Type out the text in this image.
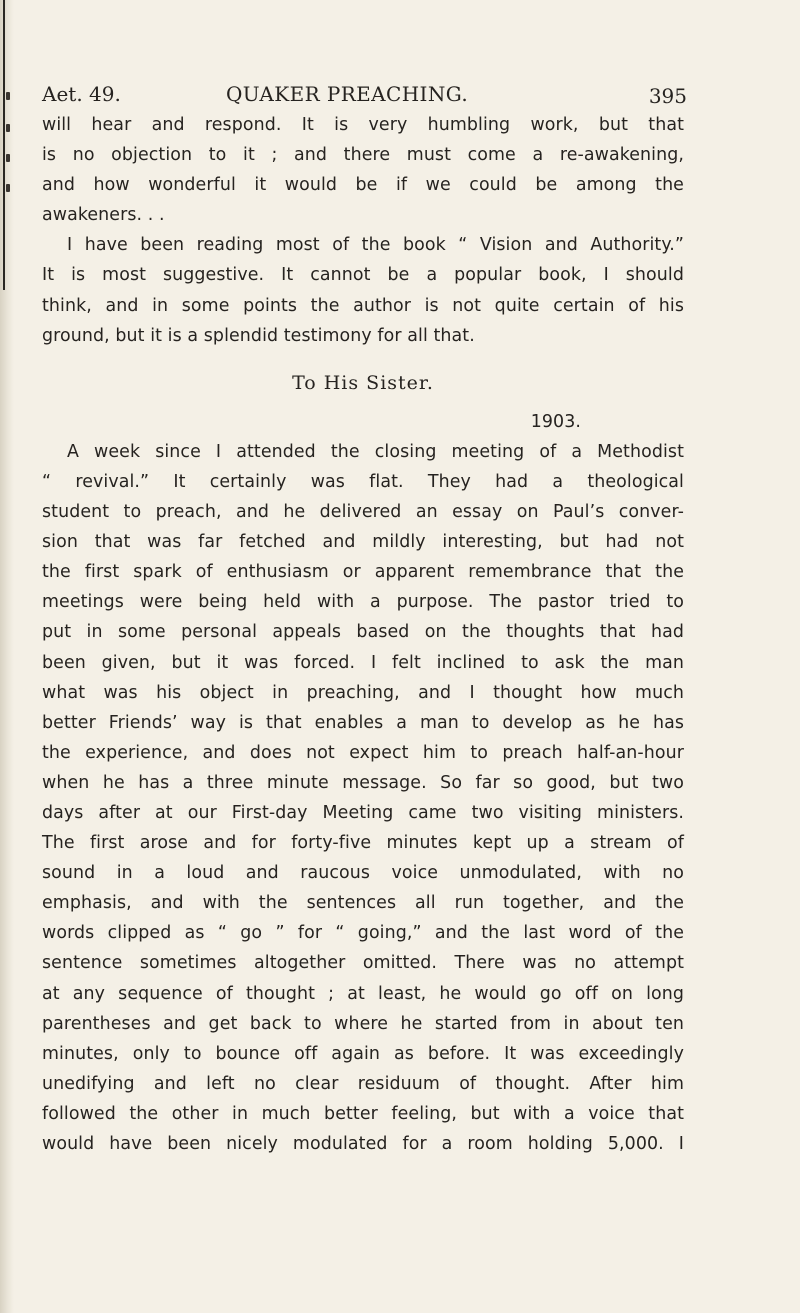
Aet. 49.	QUAKER PREACHING.	395

will hear and respond. It is very humbling work, but that

is no objection to it ; and there must come a re-awakening,

and how wonderful it would be if we could be among the

awakeners. . .

I have been reading most of the book “ Vision and Authority.”

It is most suggestive. It cannot be a popular book, I should

think, and in some points the author is not quite certain of his

ground, but it is a splendid testimony for all that.

To His Sister.

1903.

A week since I attended the closing meeting of a Methodist

“ revival.” It certainly was flat. They had a theological

student to preach, and he delivered an essay on Paul’s conver-

sion that was far fetched and mildly interesting, but had not

the first spark of enthusiasm or apparent remembrance that the

meetings were being held with a purpose. The pastor tried to

put in some personal appeals based on the thoughts that had

been given, but it was forced. I felt inclined to ask the man

what was his object in preaching, and I thought how much

better Friends’ way is that enables a man to develop as he has

the experience, and does not expect him to preach half-an-hour

when he has a three minute message. So far so good, but two

days after at our First-day Meeting came two visiting ministers.

The first arose and for forty-five minutes kept up a stream of

sound in a loud and raucous voice unmodulated, with no

emphasis, and with the sentences all run together, and the

words clipped as “ go ” for “ going,” and the last word of the

sentence sometimes altogether omitted. There was no attempt

at any sequence of thought ; at least, he would go off on long

parentheses and get back to where he started from in about ten

minutes, only to bounce off again as before. It was exceedingly

unedifying and left no clear residuum of thought. After him

followed the other in much better feeling, but with a voice that

would have been nicely modulated for a room holding 5,000. I
